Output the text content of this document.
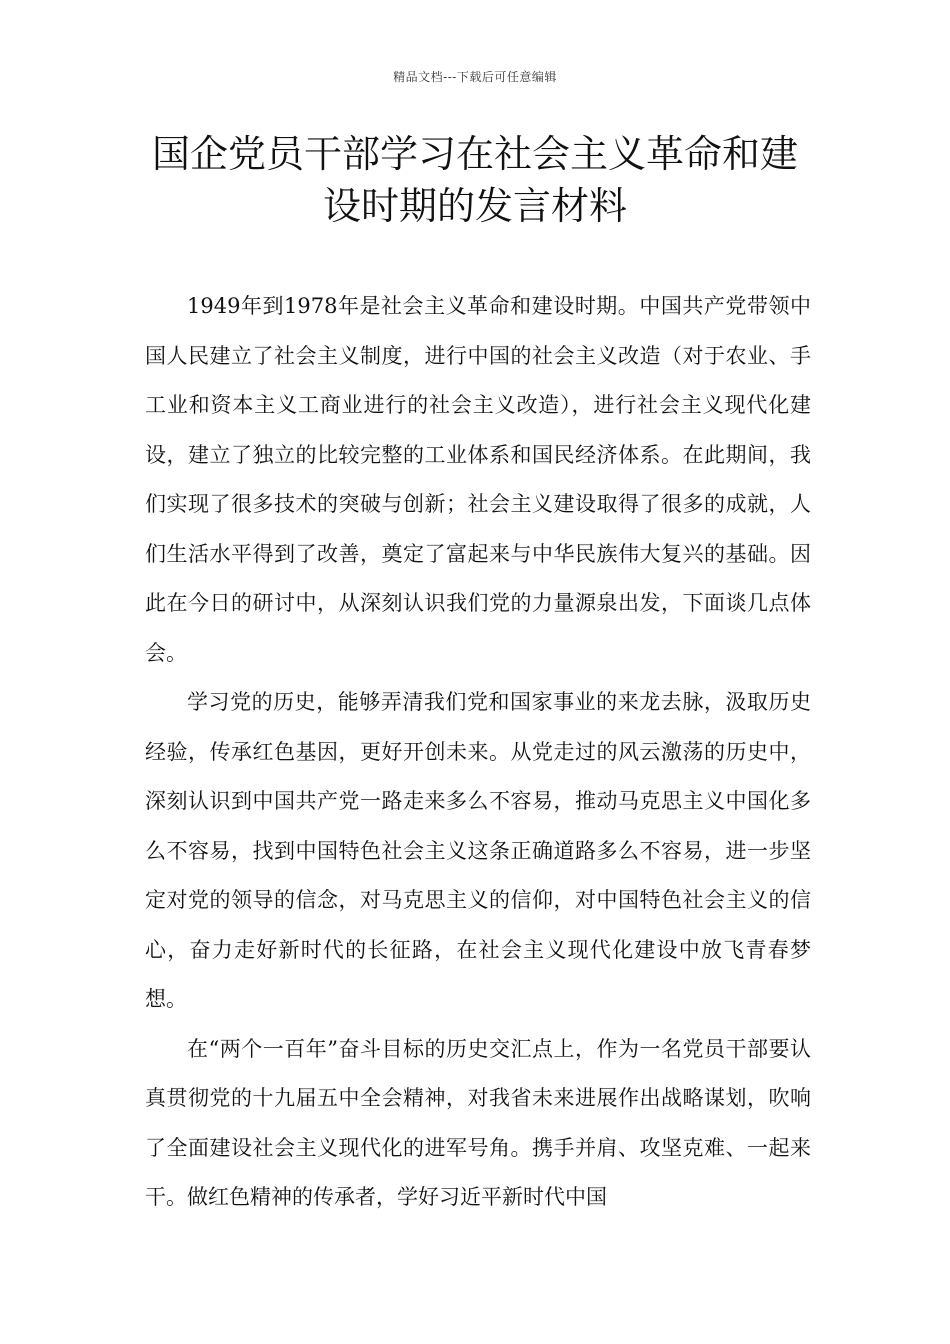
精品文档---下载后可任意编辑
国企党员干部学习在社会主义革命和建设时期的发言材料

1949年到1978年是社会主义革命和建设时期。中国共产党带领中国人民建立了社会主义制度，进行中国的社会主义改造（对于农业、手工业和资本主义工商业进行的社会主义改造），进行社会主义现代化建设，建立了独立的比较完整的工业体系和国民经济体系。在此期间，我们实现了很多技术的突破与创新；社会主义建设取得了很多的成就，人们生活水平得到了改善，奠定了富起来与中华民族伟大复兴的基础。因此在今日的研讨中，从深刻认识我们党的力量源泉出发，下面谈几点体会。

学习党的历史，能够弄清我们党和国家事业的来龙去脉，汲取历史经验，传承红色基因，更好开创未来。从党走过的风云激荡的历史中，深刻认识到中国共产党一路走来多么不容易，推动马克思主义中国化多么不容易，找到中国特色社会主义这条正确道路多么不容易，进一步坚定对党的领导的信念，对马克思主义的信仰，对中国特色社会主义的信心，奋力走好新时代的长征路，在社会主义现代化建设中放飞青春梦想。

在“两个一百年”奋斗目标的历史交汇点上，作为一名党员干部要认真贯彻党的十九届五中全会精神，对我省未来进展作出战略谋划，吹响了全面建设社会主义现代化的进军号角。携手并肩、攻坚克难、一起来干。做红色精神的传承者，学好习近平新时代中国
